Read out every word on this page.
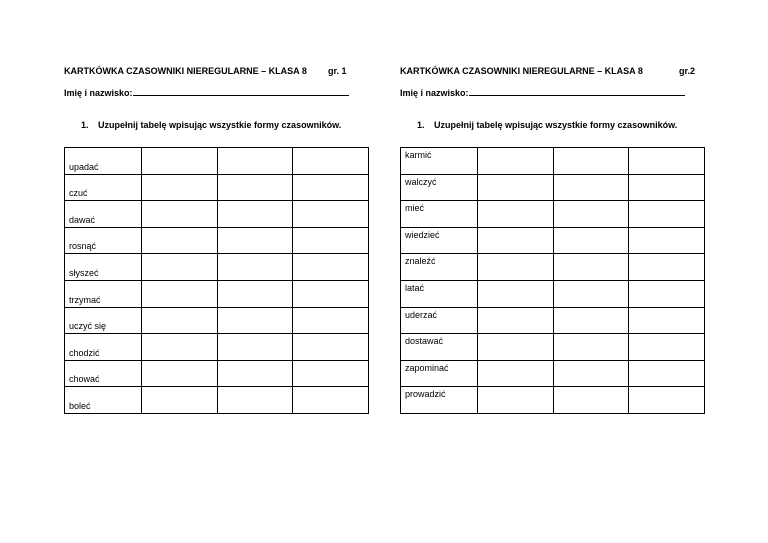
KARTKÓWKA CZASOWNIKI NIEREGULARNE – KLASA 8 gr. 1
Imię i nazwisko:
1. Uzupełnij tabelę wpisując wszystkie formy czasowników.
upadać			
czuć			
dawać			
rosnąć			
słyszeć			
trzymać			
uczyć się			
chodzić			
chować			
boleć			
KARTKÓWKA CZASOWNIKI NIEREGULARNE – KLASA 8	gr.2
Imię i nazwisko:
1. Uzupełnij tabelę wpisując wszystkie formy czasowników.
karmić			
walczyć			
mieć			
wiedzieć			
znaleźć			
latać			
uderzać			
dostawać			
zapominać			
prowadzić			
